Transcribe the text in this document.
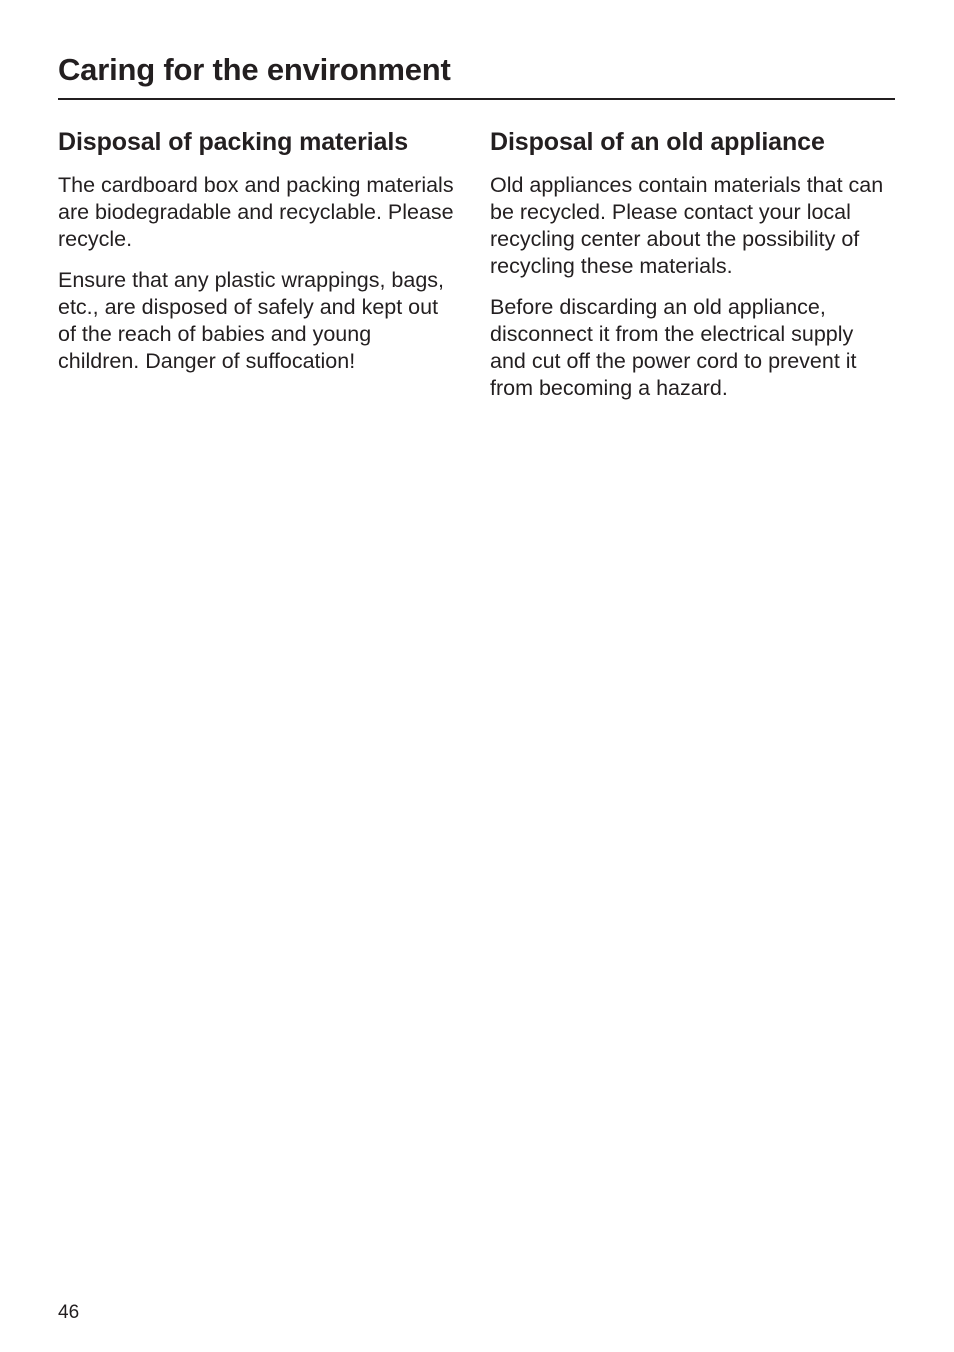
Caring for the environment
Disposal of packing materials

The cardboard box and packing materials are biodegradable and recyclable. Please recycle.

Ensure that any plastic wrappings, bags, etc., are disposed of safely and kept out of the reach of babies and young children. Danger of suffocation!

Disposal of an old appliance

Old appliances contain materials that can be recycled. Please contact your local recycling center about the possibility of recycling these materials.

Before discarding an old appliance, disconnect it from the electrical supply and cut off the power cord to prevent it from becoming a hazard.

46
